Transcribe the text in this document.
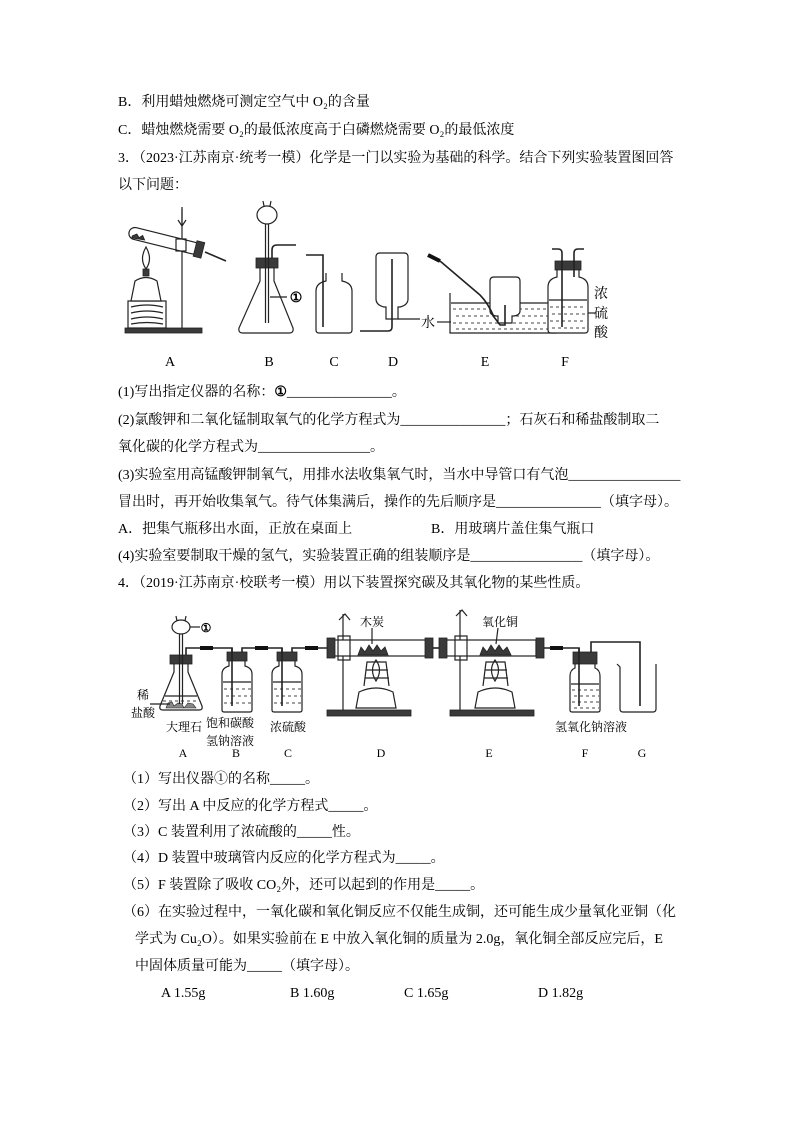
B．利用蜡烛燃烧可测定空气中 O₂的含量
C．蜡烛燃烧需要 O₂的最低浓度高于白磷燃烧需要 O₂的最低浓度
3．（2023·江苏南京·统考一模）化学是一门以实验为基础的科学。结合下列实验装置图回答
以下问题：
①
水
浓
硫
酸
A	B	C	D	E	F
(1)写出指定仪器的名称：①_______________。
(2)氯酸钾和二氧化锰制取氧气的化学方程式为_______________；石灰石和稀盐酸制取二
氧化碳的化学方程式为________________。
(3)实验室用高锰酸钾制氧气，用排水法收集氧气时，当水中导管口有气泡________________
冒出时，再开始收集氧气。待气体集满后，操作的先后顺序是_______________（填字母）。
A．把集气瓶移出水面，正放在桌面上	B．用玻璃片盖住集气瓶口
(4)实验室要制取干燥的氢气，实验装置正确的组装顺序是________________（填字母）。
4．（2019·江苏南京·校联考一模）用以下装置探究碳及其氧化物的某些性质。
①
稀
盐酸
大理石 饱和碳酸
氢钠溶液
浓硫酸
木炭	氧化铜
氢氧化钠溶液
A	B	C	D	E	F	G
（1）写出仪器①的名称_____。
（2）写出 A 中反应的化学方程式_____。
（3）C 装置利用了浓硫酸的_____性。
（4）D 装置中玻璃管内反应的化学方程式为_____。
（5）F 装置除了吸收 CO₂外，还可以起到的作用是_____。
（6）在实验过程中，一氧化碳和氧化铜反应不仅能生成铜，还可能生成少量氧化亚铜（化
学式为 Cu₂O）。如果实验前在 E 中放入氧化铜的质量为 2.0g，氧化铜全部反应完后，E
中固体质量可能为_____（填字母）。
A 1.55g	B 1.60g	C 1.65g	D 1.82g
